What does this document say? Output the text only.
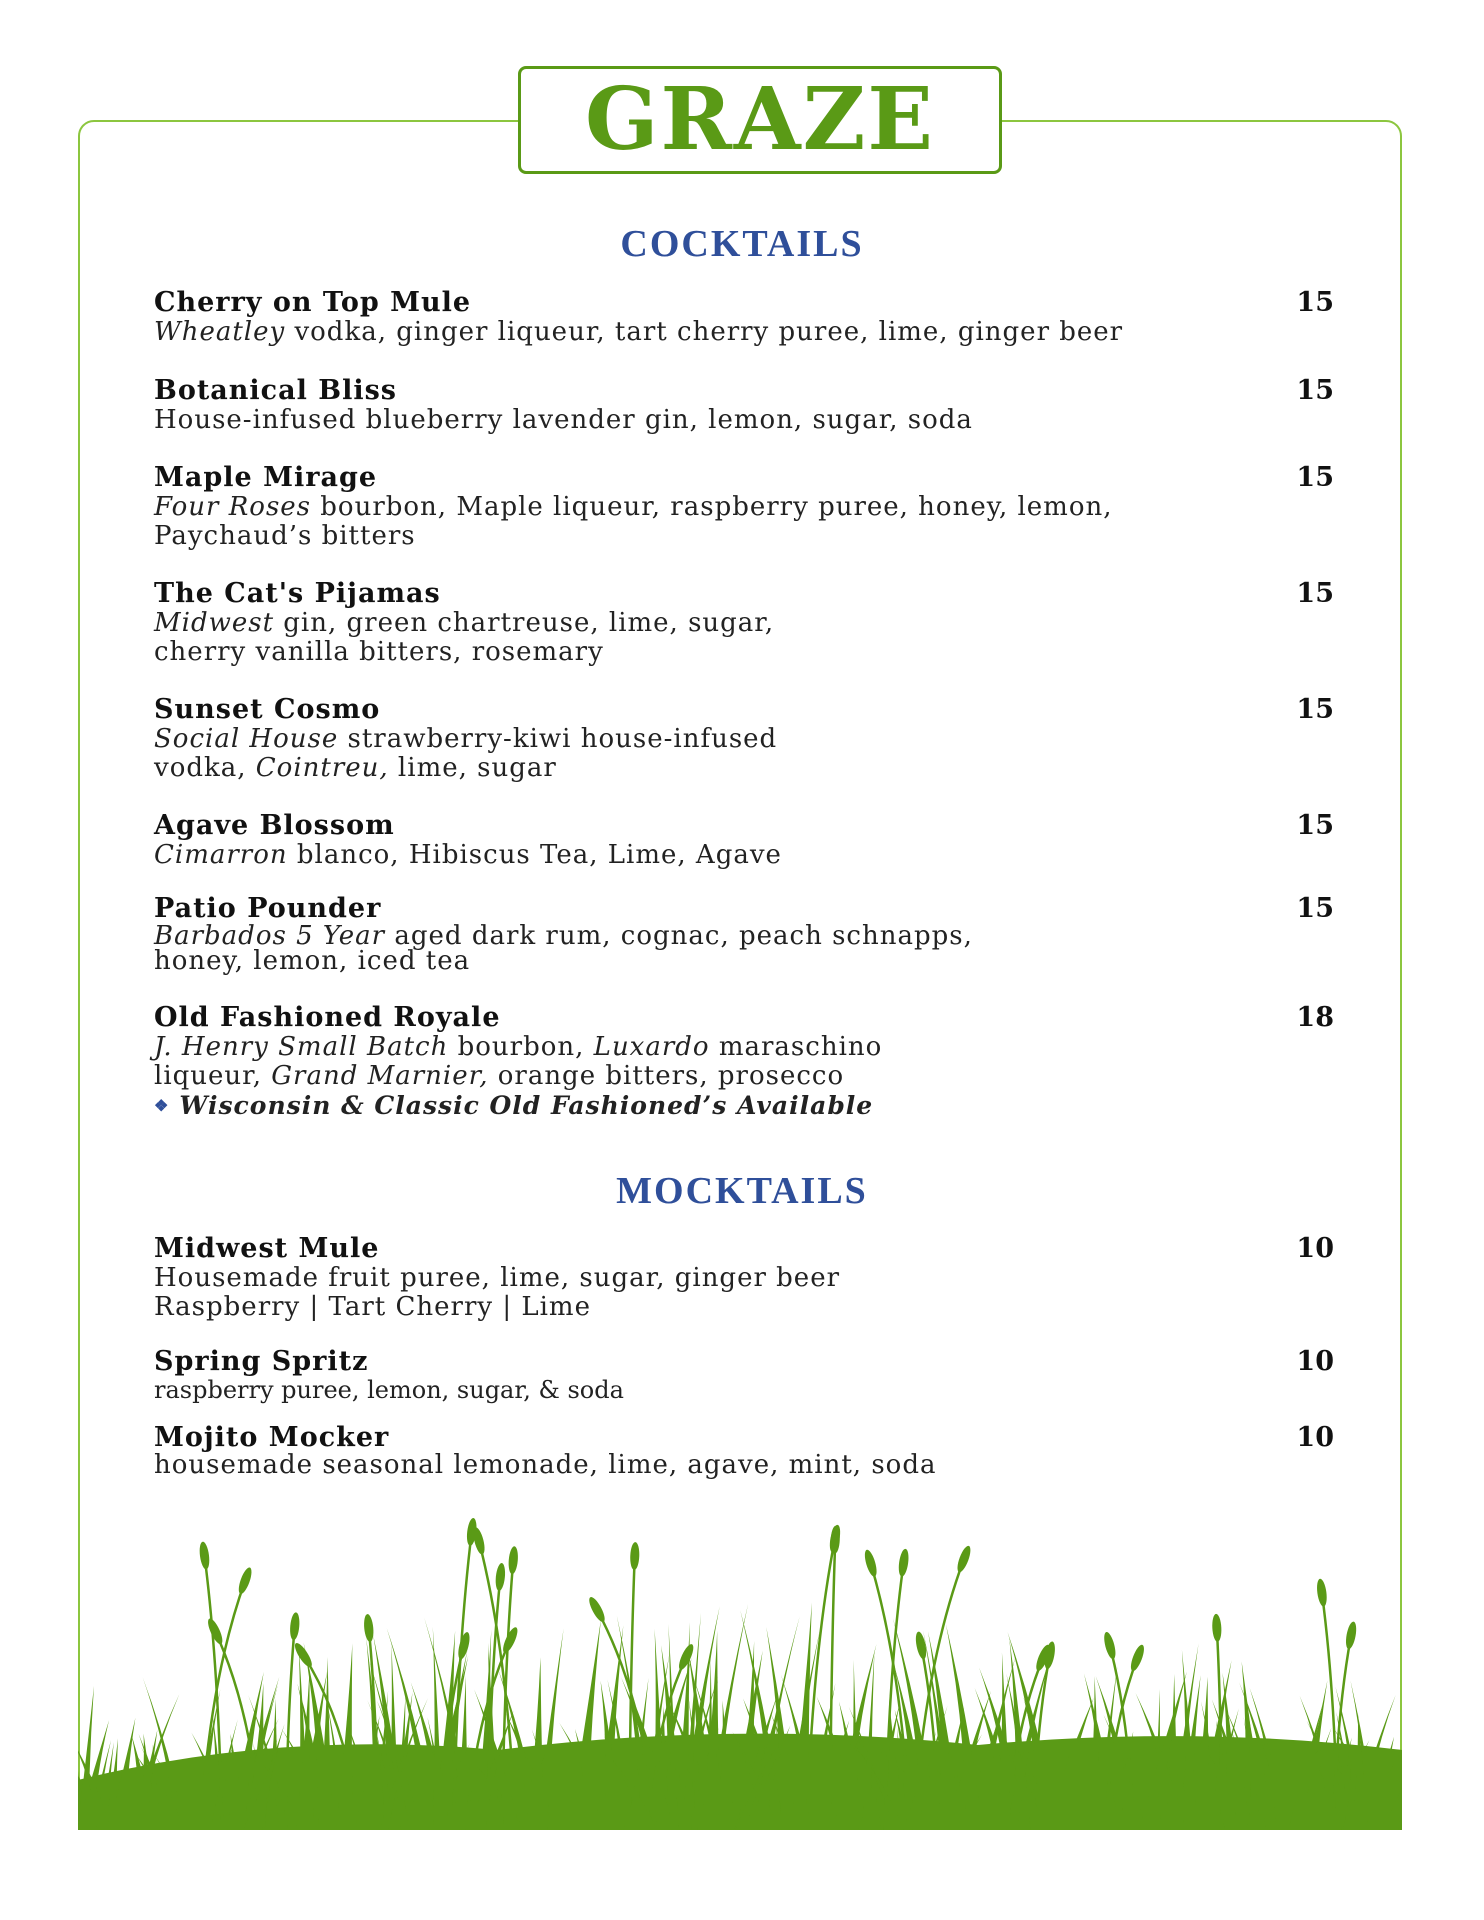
GRAZE
COCKTAILS
Cherry on Top Mule	15
Wheatley vodka, ginger liqueur, tart cherry puree, lime, ginger beer
Botanical Bliss	15
House-infused blueberry lavender gin, lemon, sugar, soda
Maple Mirage	15
Four Roses bourbon, Maple liqueur, raspberry puree, honey, lemon,
Paychaud’s bitters
The Cat's Pijamas	15
Midwest gin, green chartreuse, lime, sugar,
cherry vanilla bitters, rosemary
Sunset Cosmo	15
Social House strawberry-kiwi house-infused
vodka, Cointreu, lime, sugar
Agave Blossom	15
Cimarron blanco, Hibiscus Tea, Lime, Agave
Patio Pounder	15
Barbados 5 Year aged dark rum, cognac, peach schnapps,
honey, lemon, iced tea
Old Fashioned Royale	18
J. Henry Small Batch bourbon, Luxardo maraschino
liqueur, Grand Marnier, orange bitters, prosecco
❖ Wisconsin & Classic Old Fashioned’s Available
MOCKTAILS
Midwest Mule	10
Housemade fruit puree, lime, sugar, ginger beer
Raspberry | Tart Cherry | Lime
Spring Spritz	10
raspberry puree, lemon, sugar, & soda
Mojito Mocker	10
housemade seasonal lemonade, lime, agave, mint, soda
